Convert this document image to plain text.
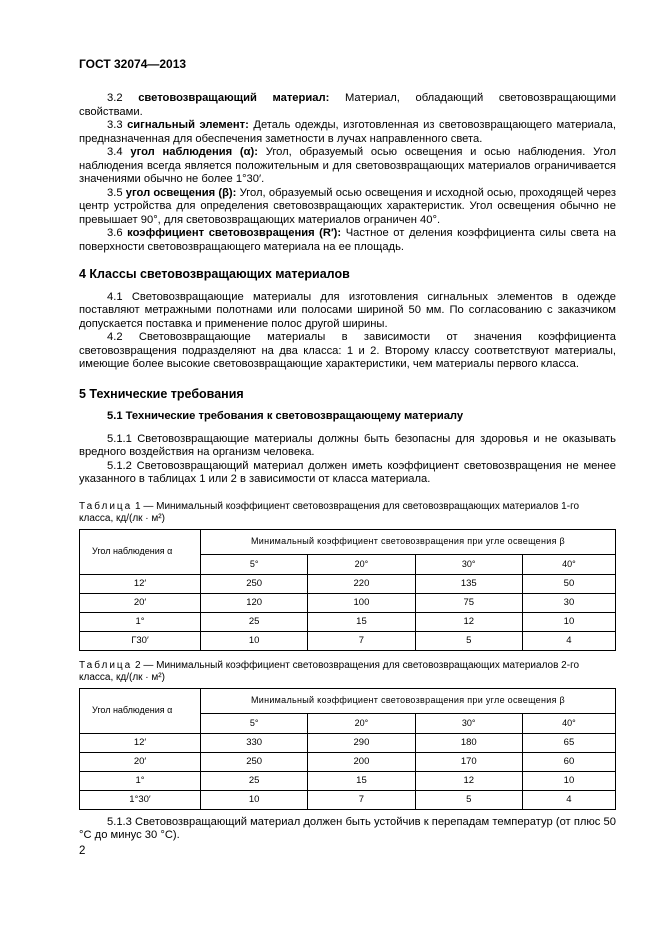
ГОСТ 32074—2013

3.2 световозвращающий материал: Материал, обладающий световозвращающими свойствами.

3.3 сигнальный элемент: Деталь одежды, изготовленная из световозвращающего материала, предназначенная для обеспечения заметности в лучах направленного света.

3.4 угол наблюдения (α): Угол, образуемый осью освещения и осью наблюдения. Угол наблюдения всегда является положительным и для световозвращающих материалов ограничивается значениями обычно не более 1°30′.

3.5 угол освещения (β): Угол, образуемый осью освещения и исходной осью, проходящей через центр устройства для определения световозвращающих характеристик. Угол освещения обычно не превышает 90°, для световозвращающих материалов ограничен 40°.

3.6 коэффициент световозвращения (R′): Частное от деления коэффициента силы света на поверхности световозвращающего материала на ее площадь.

4 Классы световозвращающих материалов

4.1 Световозвращающие материалы для изготовления сигнальных элементов в одежде поставляют метражными полотнами или полосами шириной 50 мм. По согласованию с заказчиком допускается поставка и применение полос другой ширины.

4.2 Световозвращающие материалы в зависимости от значения коэффициента световозвращения подразделяют на два класса: 1 и 2. Второму классу соответствуют материалы, имеющие более высокие световозвращающие характеристики, чем материалы первого класса.

5 Технические требования
5.1 Технические требования к световозвращающему материалу

5.1.1 Световозвращающие материалы должны быть безопасны для здоровья и не оказывать вредного воздействия на организм человека.

5.1.2 Световозвращающий материал должен иметь коэффициент световозвращения не менее указанного в таблицах 1 или 2 в зависимости от класса материала.

Таблица 1 — Минимальный коэффициент световозвращения для световозвращающих материалов 1-го класса, кд/(лк · м²)

Угол наблюдения α	Минимальный коэффициент световозвращения при угле освещения β			
	5°	20°	30°	40°
12′	250	220	135	50
20′	120	100	75	30
1°	25	15	12	10
Г30′	10	7	5	4

Таблица 2 — Минимальный коэффициент световозвращения для световозвращающих материалов 2-го класса, кд/(лк · м²)

Угол наблюдения α	Минимальный коэффициент световозвращения при угле освещения β			
	5°	20°	30°	40°
12′	330	290	180	65
20′	250	200	170	60
1°	25	15	12	10
1°30′	10	7	5	4

5.1.3 Световозвращающий материал должен быть устойчив к перепадам температур (от плюс 50 °С до минус 30 °С).

2
